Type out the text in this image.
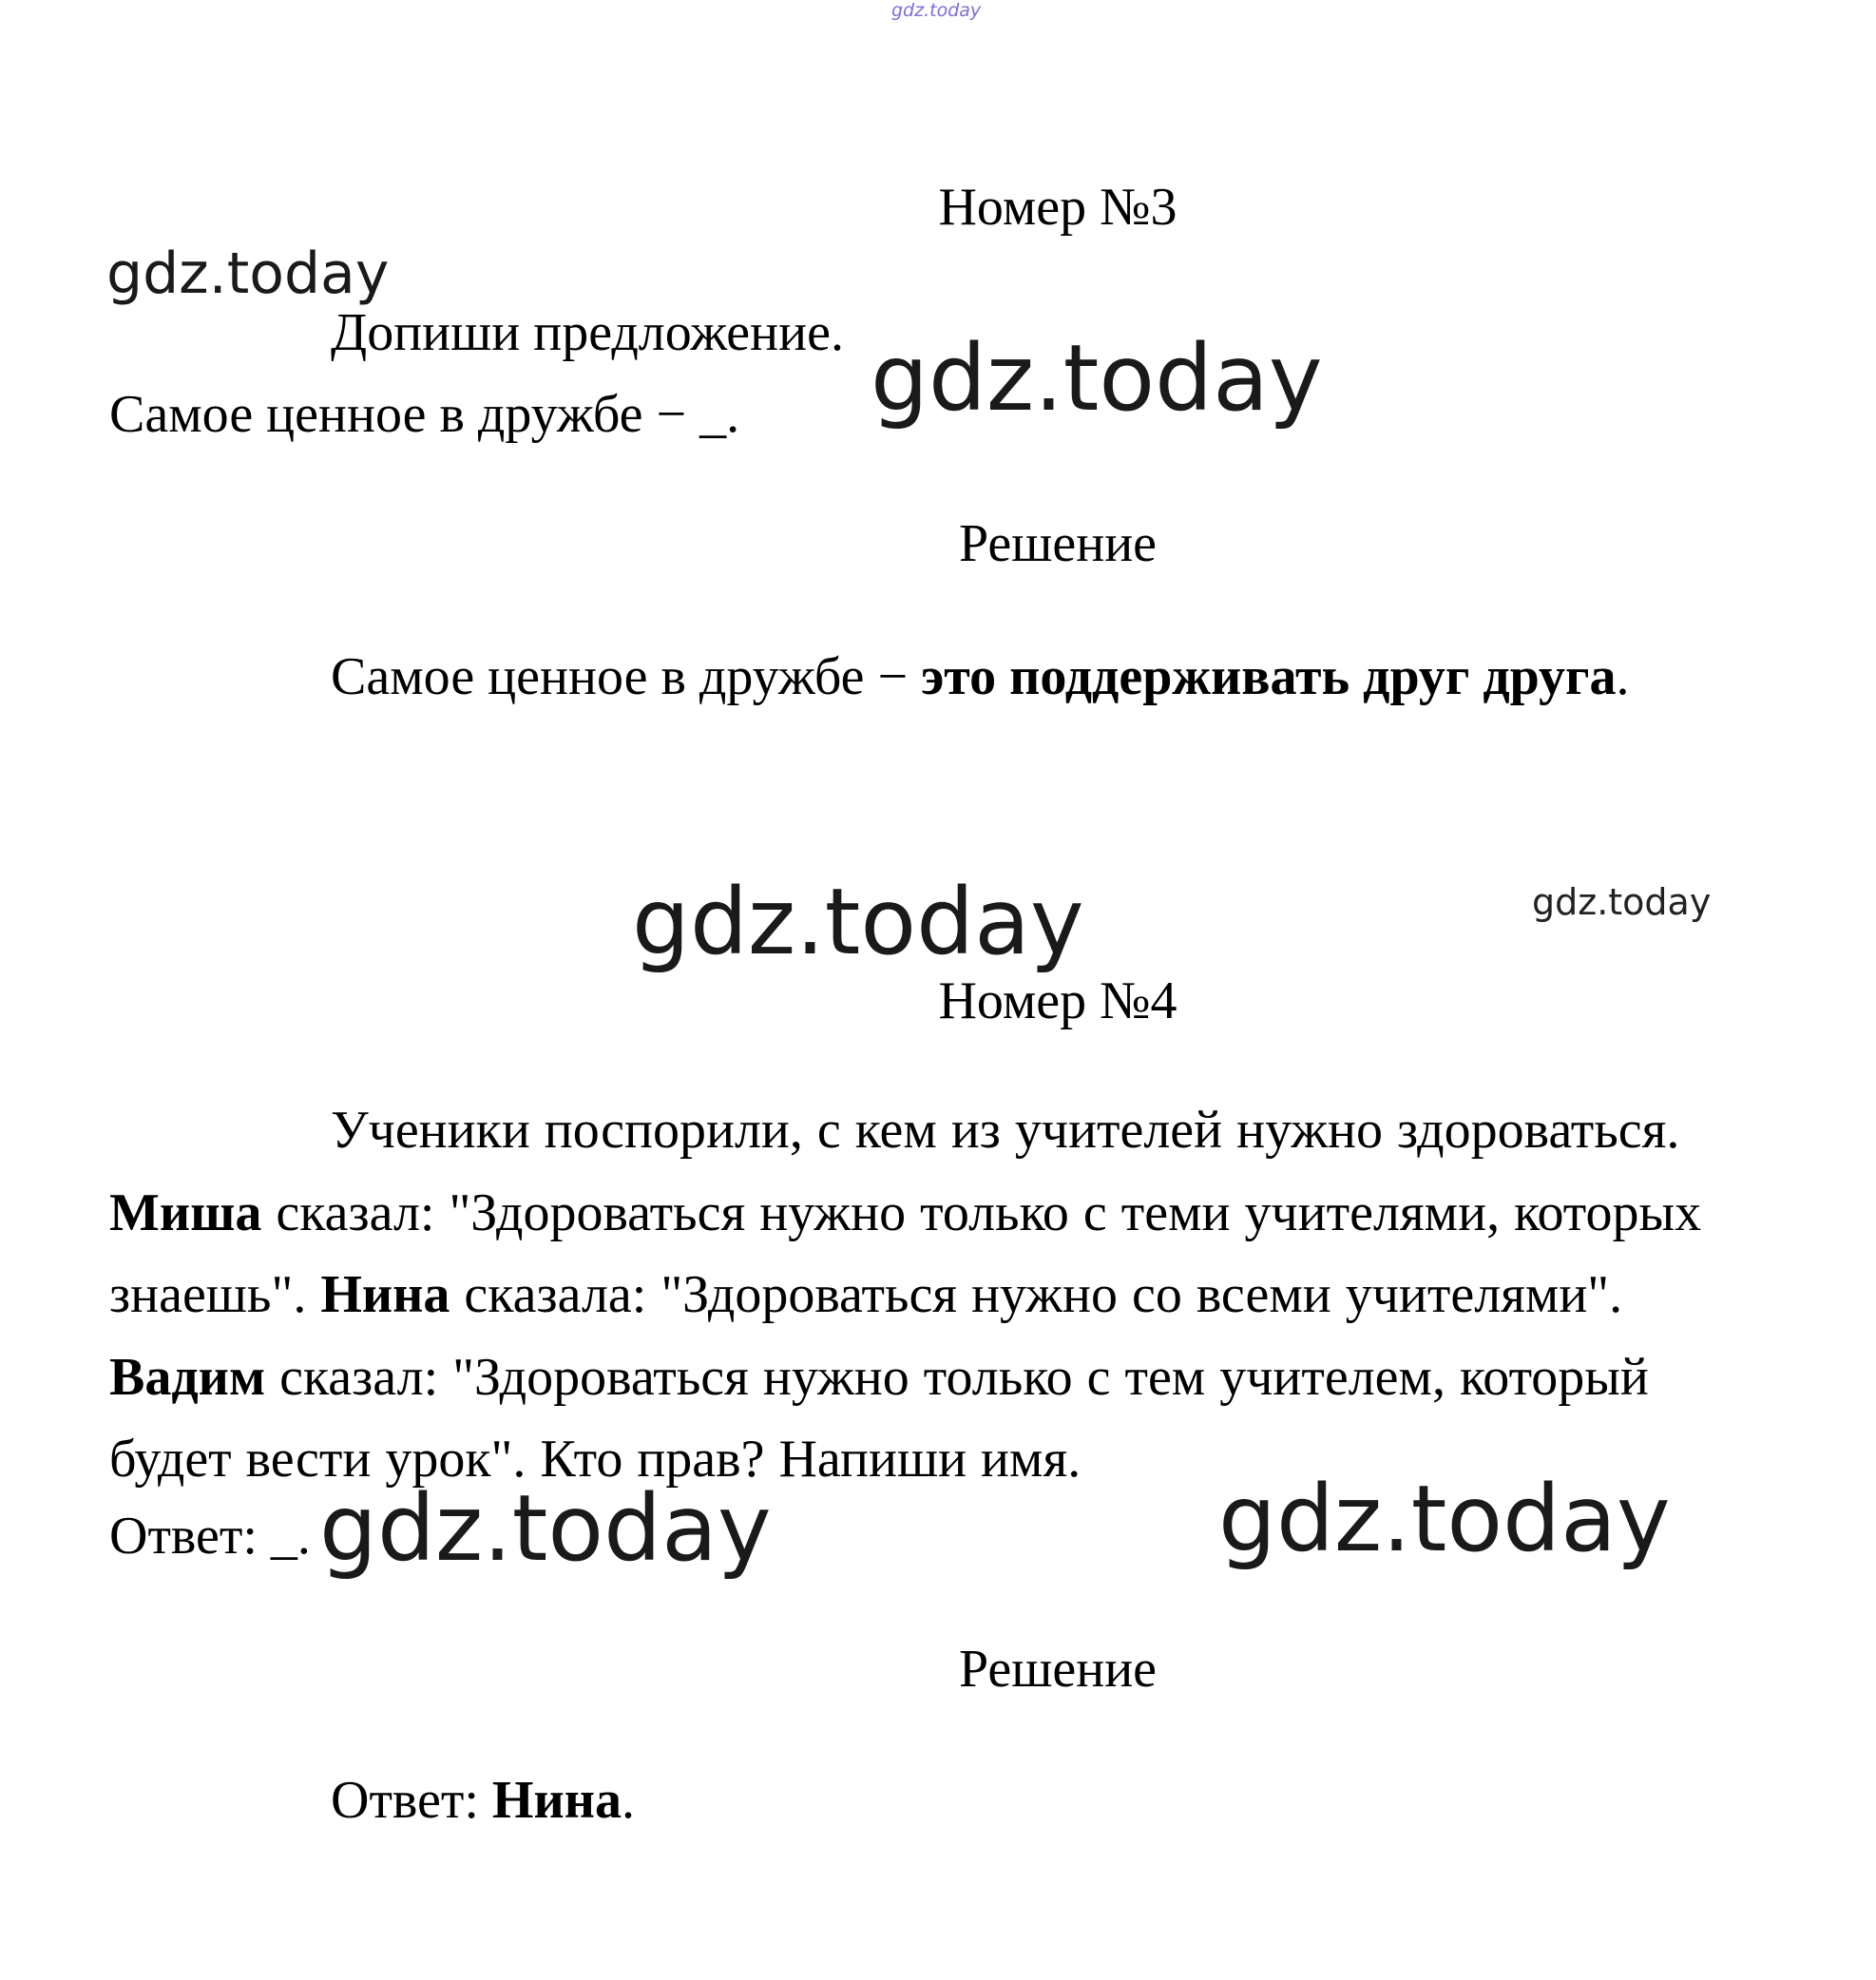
gdz.today
Номер №3
gdz.today
Допиши предложение. gdz.today
Самое ценное в дружбе − _.
Решение
Самое ценное в дружбе − это поддерживать друг друга.
gdz.today	gdz.today
Номер №4
Ученики поспорили, с кем из учителей нужно здороваться. Миша сказал: "Здороваться нужно только с теми учителями, которых знаешь". Нина сказала: "Здороваться нужно со всеми учителями". Вадим сказал: "Здороваться нужно только с тем учителем, который будет вести урок". Кто прав? Напиши имя.
Ответ: _. gdz.today	gdz.today
Решение
Ответ: Нина.
